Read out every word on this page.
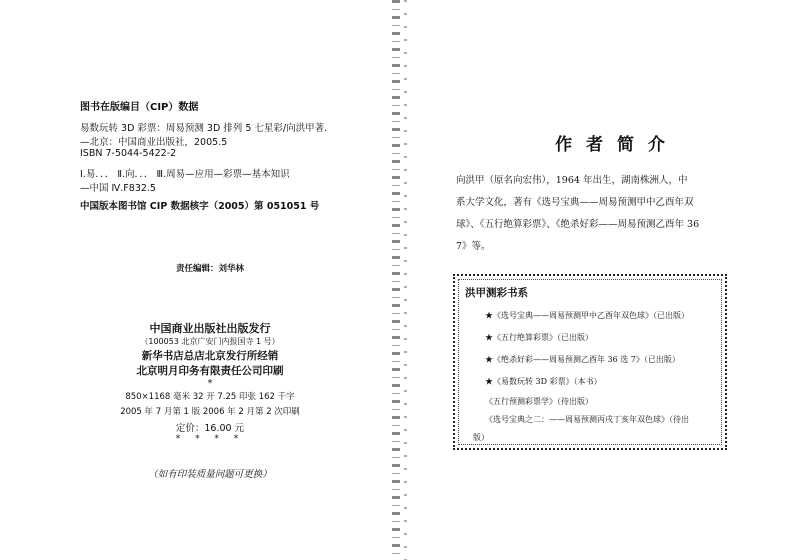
图书在版编目（CIP）数据
易数玩转 3D 彩票：周易预测 3D 排列 5 七星彩/向洪甲著．
—北京：中国商业出版社，2005.5
ISBN 7-5044-5422-2
Ⅰ.易．．． Ⅱ.向．．． Ⅲ.周易—应用—彩票—基本知识
—中国 Ⅳ.F832.5
中国版本图书馆 CIP 数据核字（2005）第 051051 号
责任编辑：刘华林
中国商业出版社出版发行
（100053 北京广安门内报国寺 1 号）
新华书店总店北京发行所经销
北京明月印务有限责任公司印刷
*
850×1168 毫米 32 开 7.25 印张 162 千字
2005 年 7 月第 1 版 2006 年 2 月第 2 次印刷
定价：16.00 元
* * * *
（如有印装质量问题可更换）
作 者 简 介

向洪甲（原名向宏伟），1964 年出生，湖南株洲人，中

系大学文化，著有《选号宝典——周易预测甲中乙酉年双

球》、《五行绝算彩票》、《绝杀好彩——周易预测乙酉年 36

7》等。

洪甲测彩书系
★《选号宝典——周易预测甲中乙酉年双色球》（已出版）
★《五行绝算彩票》（已出版）
★《绝杀好彩——周易预测乙酉年 36 选 7》（已出版）
★《易数玩转 3D 彩票》（本书）
《五行预测彩票学》（待出版）
《选号宝典之二：——周易预测丙戌丁亥年双色球》（待出
版）
